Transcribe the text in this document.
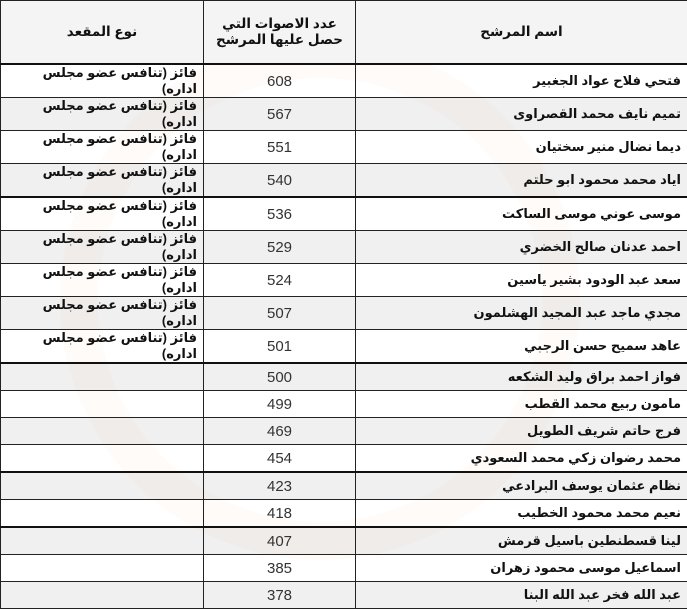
اسم المرشح	عدد الاصوات التي حصل عليها المرشح	نوع المقعد
فتحي فلاح عواد الجغبير	608	فائز (تنافس عضو مجلس اداره)
تميم نايف محمد القصراوى	567	فائز (تنافس عضو مجلس اداره)
ديما نضال منير سختيان	551	فائز (تنافس عضو مجلس اداره)
اياد محمد محمود ابو حلتم	540	فائز (تنافس عضو مجلس اداره)
موسى عوني موسى الساكت	536	فائز (تنافس عضو مجلس اداره)
احمد عدنان صالح الخضري	529	فائز (تنافس عضو مجلس اداره)
سعد عبد الودود بشير ياسين	524	فائز (تنافس عضو مجلس اداره)
مجدي ماجد عبد المجيد الهشلمون	507	فائز (تنافس عضو مجلس اداره)
عاهد سميح حسن الرجبي	501	فائز (تنافس عضو مجلس اداره)
فواز احمد براق وليد الشكعه	500	
مامون ربيع محمد القطب	499	
فرج حاتم شريف الطويل	469	
محمد رضوان زكي محمد السعودي	454	
نظام عثمان يوسف البرادعي	423	
نعيم محمد محمود الخطيب	418	
لينا قسطنطين باسيل قرمش	407	
اسماعيل موسى محمود زهران	385	
عبد الله فخر عبد الله البنا	378	
